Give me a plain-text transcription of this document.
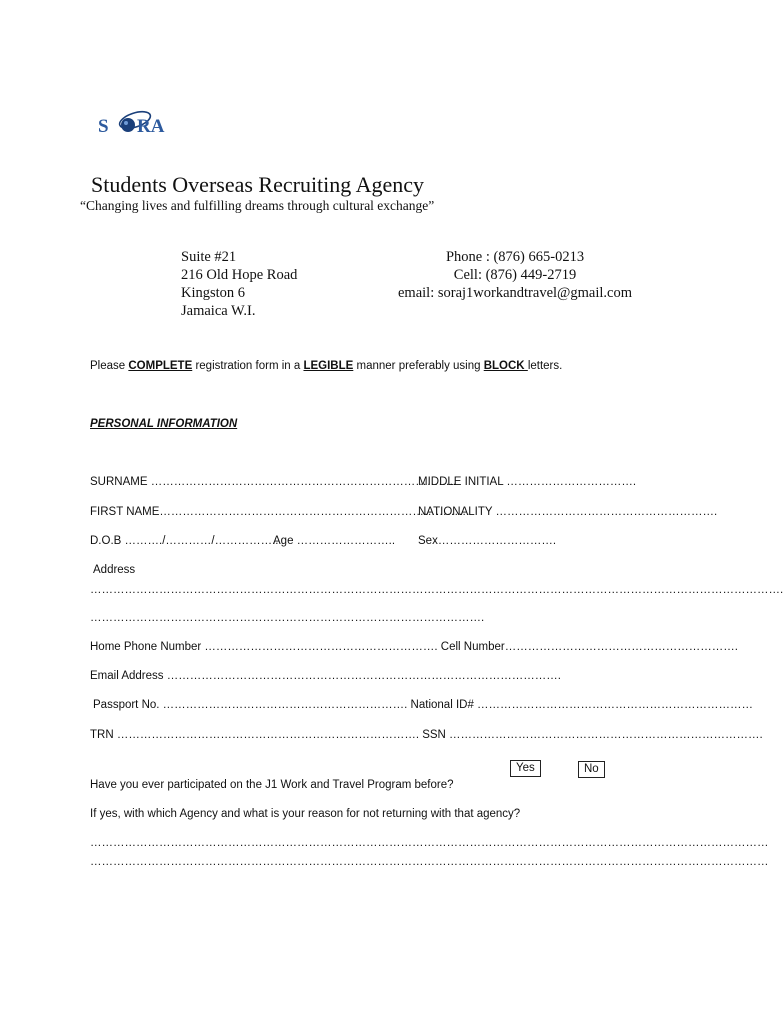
S RA
Students Overseas Recruiting Agency
“Changing lives and fulfilling dreams through cultural exchange”
Suite #21
216 Old Hope Road
Kingston 6
Jamaica W.I.
Phone : (876) 665-0213
Cell: (876) 449-2719
email: soraj1workandtravel@gmail.com
Please COMPLETE registration form in a LEGIBLE manner preferably using BLOCK letters.
PERSONAL INFORMATION
SURNAME ……………………………………………………………………..
MIDDLE INITIAL …………………………….
FIRST NAME………………………………………………………………………
NATIONALITY ………………………………………………….
D.O.B ………./…………/……………..
Age …………………….. Sex………………………….
Address
……………………………………………………………………………………………………………………………………………………………….
………………………………………………………………………………………….
Home Phone Number ……………………………………………………. Cell Number…………………………………………………….
Email Address ………………………………………………………………………………………….
Passport No. ………………………………………………………. National ID# ………………………………………………………………
TRN ……………………………………………………………………. SSN ……………………………………………………………………….
Yes	No
Have you ever participated on the J1 Work and Travel Program before?
If yes, with which Agency and what is your reason for not returning with that agency?
……………………………………………………………………………………………………………………………………………………………
……………………………………………………………………………………………………………………………………………………………
